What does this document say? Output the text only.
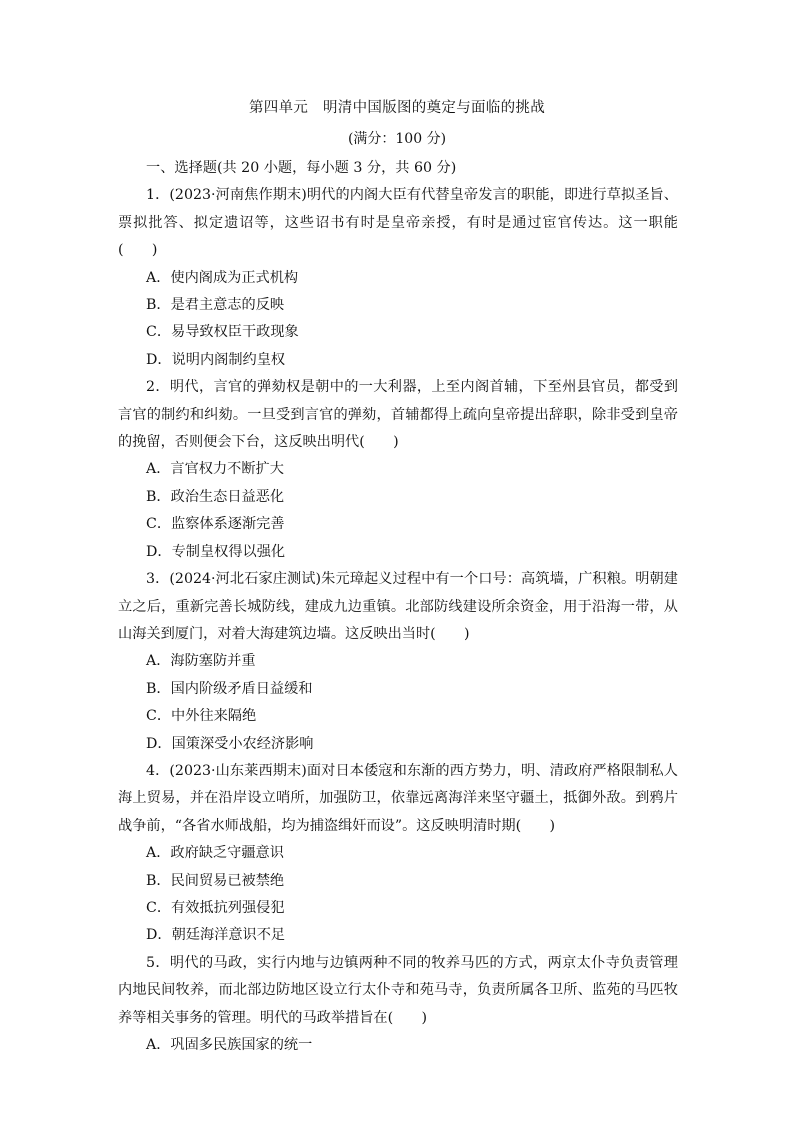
第四单元　明清中国版图的奠定与面临的挑战
(满分：100 分)
一、选择题(共 20 小题，每小题 3 分，共 60 分)
1．(2023·河南焦作期末)明代的内阁大臣有代替皇帝发言的职能，即进行草拟圣旨、票拟批答、拟定遗诏等，这些诏书有时是皇帝亲授，有时是通过宦官传达。这一职能(　　)
A．使内阁成为正式机构
B．是君主意志的反映
C．易导致权臣干政现象
D．说明内阁制约皇权
2．明代，言官的弹劾权是朝中的一大利器，上至内阁首辅，下至州县官员，都受到言官的制约和纠劾。一旦受到言官的弹劾，首辅都得上疏向皇帝提出辞职，除非受到皇帝的挽留，否则便会下台，这反映出明代(　　)
A．言官权力不断扩大
B．政治生态日益恶化
C．监察体系逐渐完善
D．专制皇权得以强化
3．(2024·河北石家庄测试)朱元璋起义过程中有一个口号：高筑墙，广积粮。明朝建立之后，重新完善长城防线，建成九边重镇。北部防线建设所余资金，用于沿海一带，从山海关到厦门，对着大海建筑边墙。这反映出当时(　　)
A．海防塞防并重
B．国内阶级矛盾日益缓和
C．中外往来隔绝
D．国策深受小农经济影响
4．(2023·山东莱西期末)面对日本倭寇和东渐的西方势力，明、清政府严格限制私人海上贸易，并在沿岸设立哨所，加强防卫，依靠远离海洋来坚守疆土，抵御外敌。到鸦片战争前，“各省水师战船，均为捕盗缉奸而设”。这反映明清时期(　　)
A．政府缺乏守疆意识
B．民间贸易已被禁绝
C．有效抵抗列强侵犯
D．朝廷海洋意识不足
5．明代的马政，实行内地与边镇两种不同的牧养马匹的方式，两京太仆寺负责管理内地民间牧养，而北部边防地区设立行太仆寺和苑马寺，负责所属各卫所、监苑的马匹牧养等相关事务的管理。明代的马政举措旨在(　　)
A．巩固多民族国家的统一
